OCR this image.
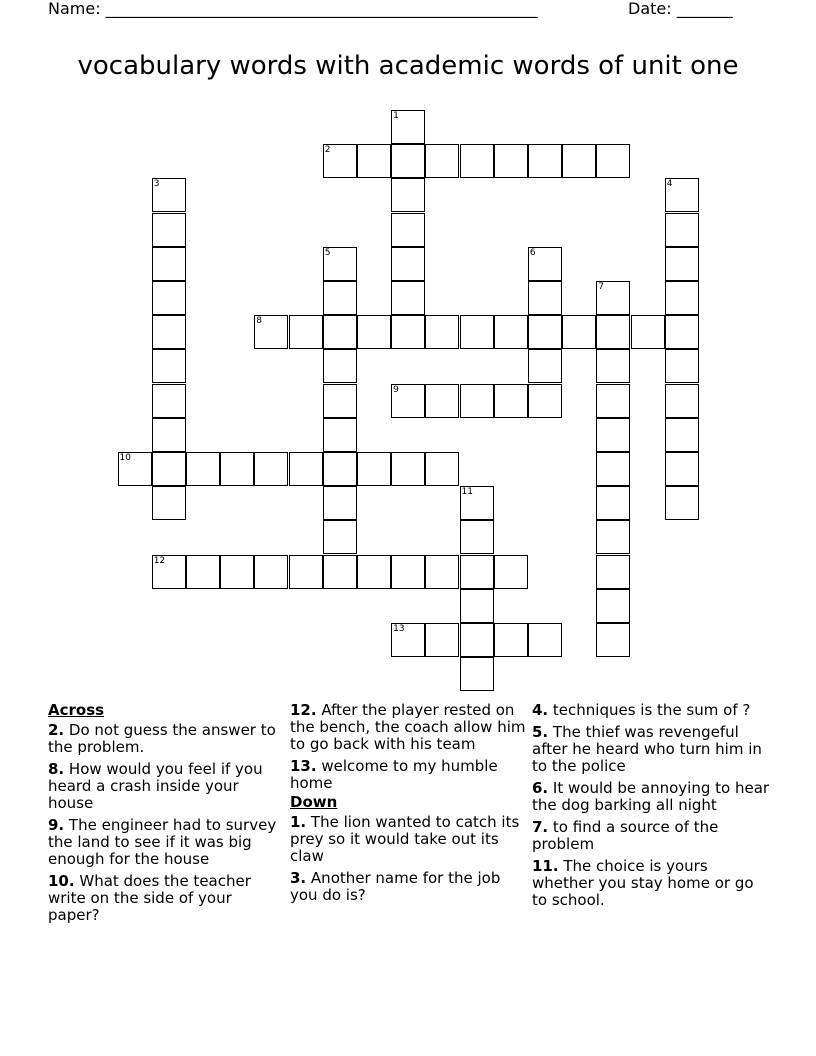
Name: ______________________________________________________	Date: _______
vocabulary words with academic words of unit one
1
2
3	4
5	6
7
8
9
10
11
12
13
Across
2. Do not guess the answer to the problem.
8. How would you feel if you heard a crash inside your house
9. The engineer had to survey the land to see if it was big enough for the house
10. What does the teacher write on the side of your paper?
12. After the player rested on the bench, the coach allow him to go back with his team
13. welcome to my humble home
Down
1. The lion wanted to catch its prey so it would take out its claw
3. Another name for the job you do is?
4. techniques is the sum of ?
5. The thief was revengeful after he heard who turn him in to the police
6. It would be annoying to hear the dog barking all night
7. to find a source of the problem
11. The choice is yours whether you stay home or go to school.
